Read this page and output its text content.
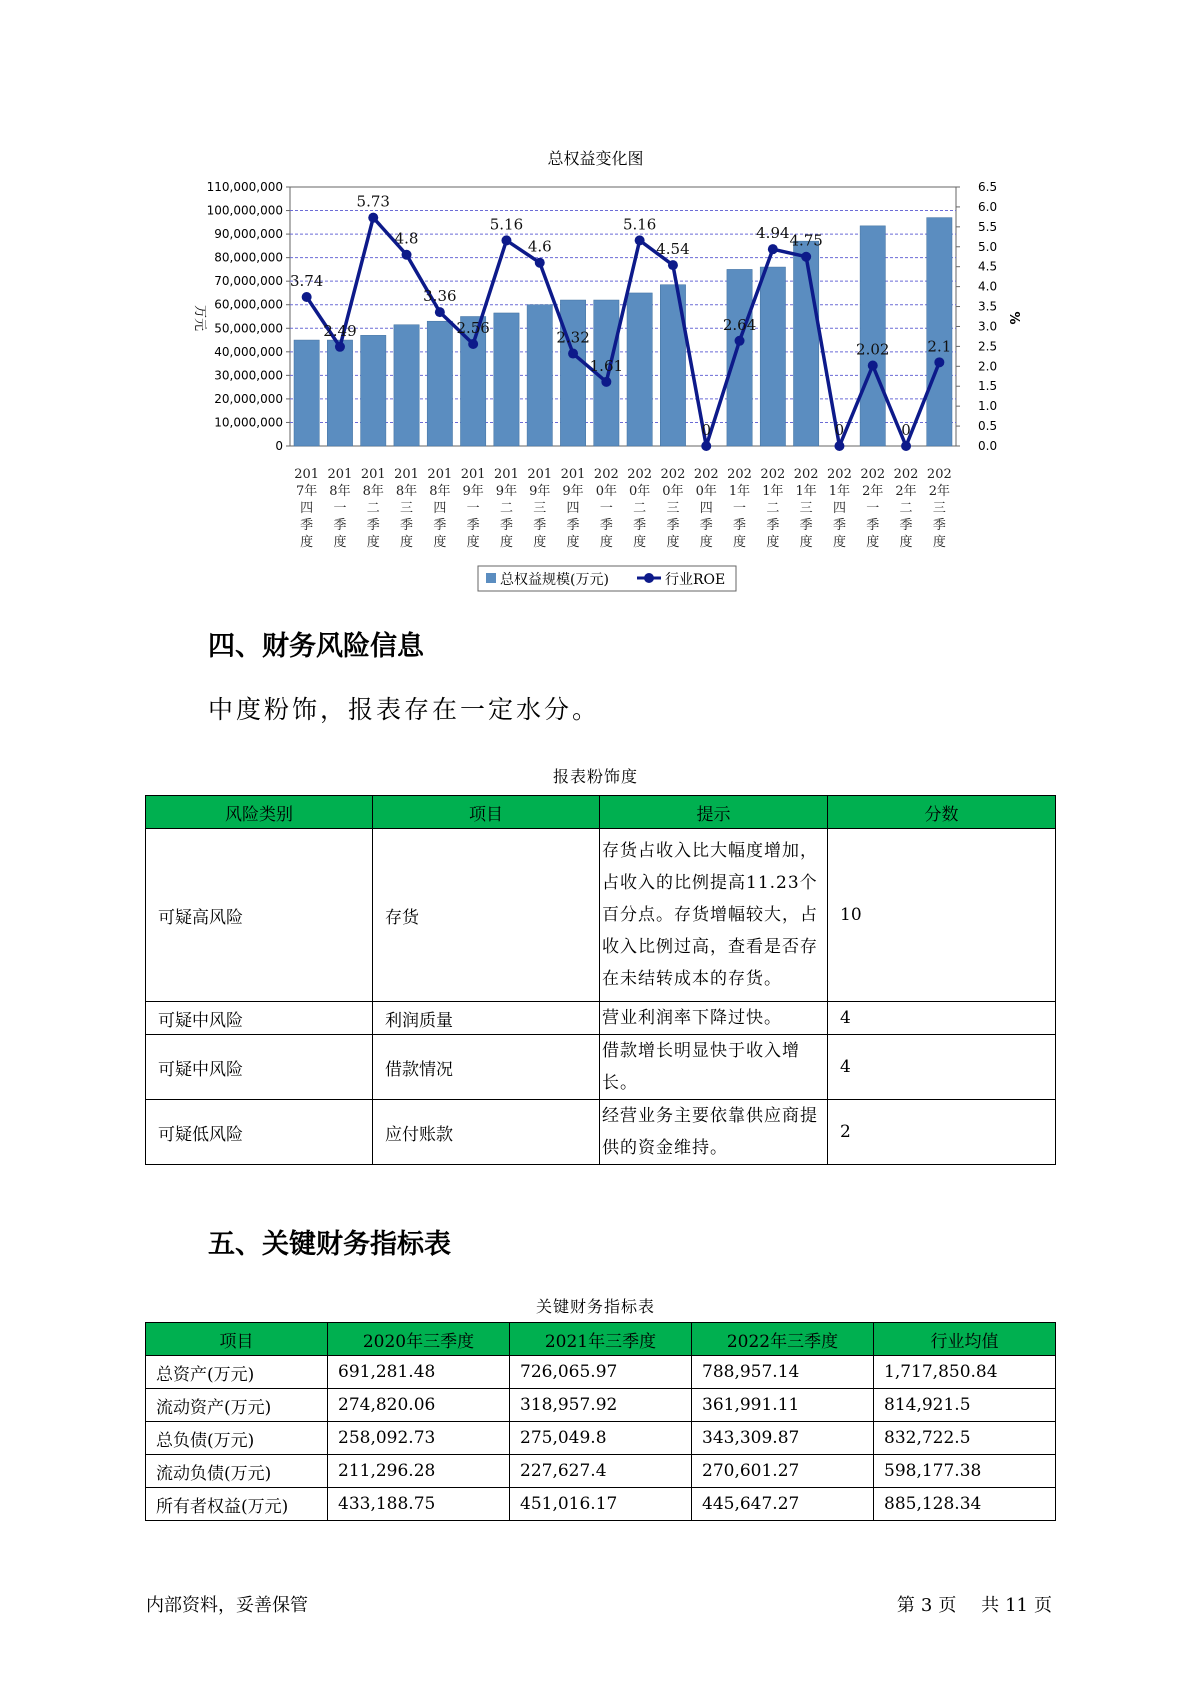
总权益变化图
110,000,000
100,000,000
90,000,000
80,000,000
70,000,000
60,000,000
50,000,000
40,000,000
30,000,000
20,000,000
10,000,000
0
6.5
6.0
5.5
5.0
4.5
4.0
3.5
3.0
2.5
2.0
1.5
1.0
0.5
0.0
万元	%
3.74
2.49
5.73
4.8
3.36
2.56
5.16
4.6
2.32
1.61
5.16
4.54
0
2.64
4.94 4.75
0
2.02
0
2.1
201 7年四季度
201 8年一季度
201 8年二季度
201 8年三季度
201 8年四季度
201 9年一季度
201 9年二季度
201 9年三季度
201 9年四季度
202 0年一季度
202 0年二季度
202 0年三季度
202 0年四季度
202 1年一季度
202 1年二季度
202 1年三季度
202 1年四季度
202 2年一季度
202 2年二季度
202 2年三季度
总权益规模(万元)	行业ROE
四、财务风险信息
中度粉饰，报表存在一定水分。
报表粉饰度
风险类别	项目	提示	分数
可疑高风险	存货	存货占收入比大幅度增加，占收入的比例提高11.23个百分点。存货增幅较大，占收入比例过高，查看是否存在未结转成本的存货。	10
可疑中风险	利润质量	营业利润率下降过快。	4
可疑中风险	借款情况	借款增长明显快于收入增长。	4
可疑低风险	应付账款	经营业务主要依靠供应商提供的资金维持。	2
五、关键财务指标表
关键财务指标表
项目	2020年三季度	2021年三季度	2022年三季度	行业均值
总资产(万元)	691,281.48	726,065.97	788,957.14	1,717,850.84
流动资产(万元)	274,820.06	318,957.92	361,991.11	814,921.5
总负债(万元)	258,092.73	275,049.8	343,309.87	832,722.5
流动负债(万元)	211,296.28	227,627.4	270,601.27	598,177.38
所有者权益(万元)	433,188.75	451,016.17	445,647.27	885,128.34
内部资料，妥善保管	第 3 页 共 11 页
